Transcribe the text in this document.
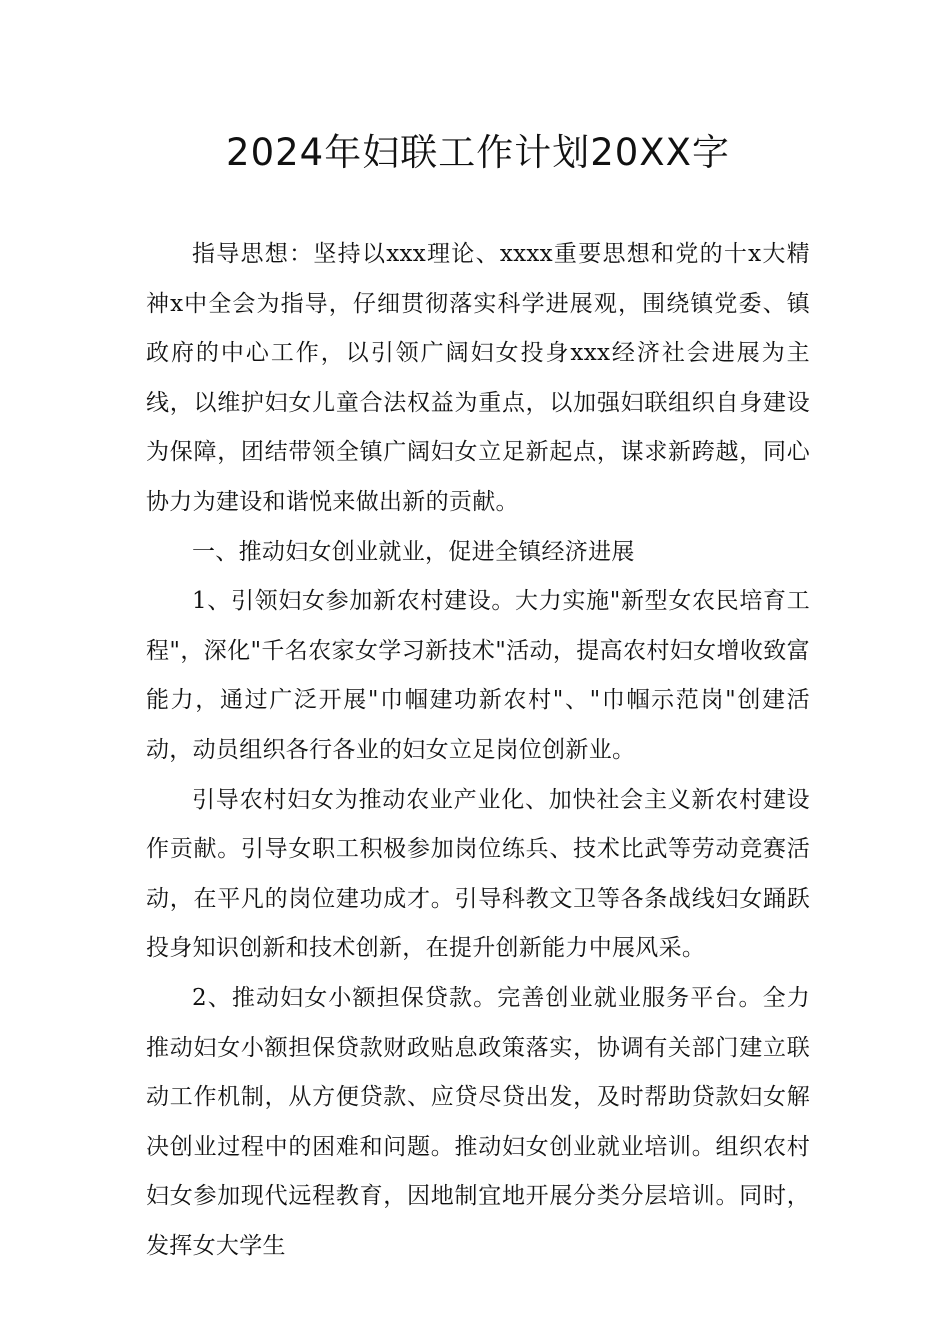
2024年妇联工作计划20XX字

指导思想：坚持以xxx理论、xxxx重要思想和党的十x大精神x中全会为指导，仔细贯彻落实科学进展观，围绕镇党委、镇政府的中心工作，以引领广阔妇女投身xxx经济社会进展为主线，以维护妇女儿童合法权益为重点，以加强妇联组织自身建设为保障，团结带领全镇广阔妇女立足新起点，谋求新跨越，同心协力为建设和谐悦来做出新的贡献。

一、推动妇女创业就业，促进全镇经济进展

1、引领妇女参加新农村建设。大力实施"新型女农民培育工程"，深化"千名农家女学习新技术"活动，提高农村妇女增收致富能力，通过广泛开展"巾帼建功新农村"、"巾帼示范岗"创建活动，动员组织各行各业的妇女立足岗位创新业。

引导农村妇女为推动农业产业化、加快社会主义新农村建设作贡献。引导女职工积极参加岗位练兵、技术比武等劳动竞赛活动，在平凡的岗位建功成才。引导科教文卫等各条战线妇女踊跃投身知识创新和技术创新，在提升创新能力中展风采。

2、推动妇女小额担保贷款。完善创业就业服务平台。全力推动妇女小额担保贷款财政贴息政策落实，协调有关部门建立联动工作机制，从方便贷款、应贷尽贷出发，及时帮助贷款妇女解决创业过程中的困难和问题。推动妇女创业就业培训。组织农村妇女参加现代远程教育，因地制宜地开展分类分层培训。同时，发挥女大学生
